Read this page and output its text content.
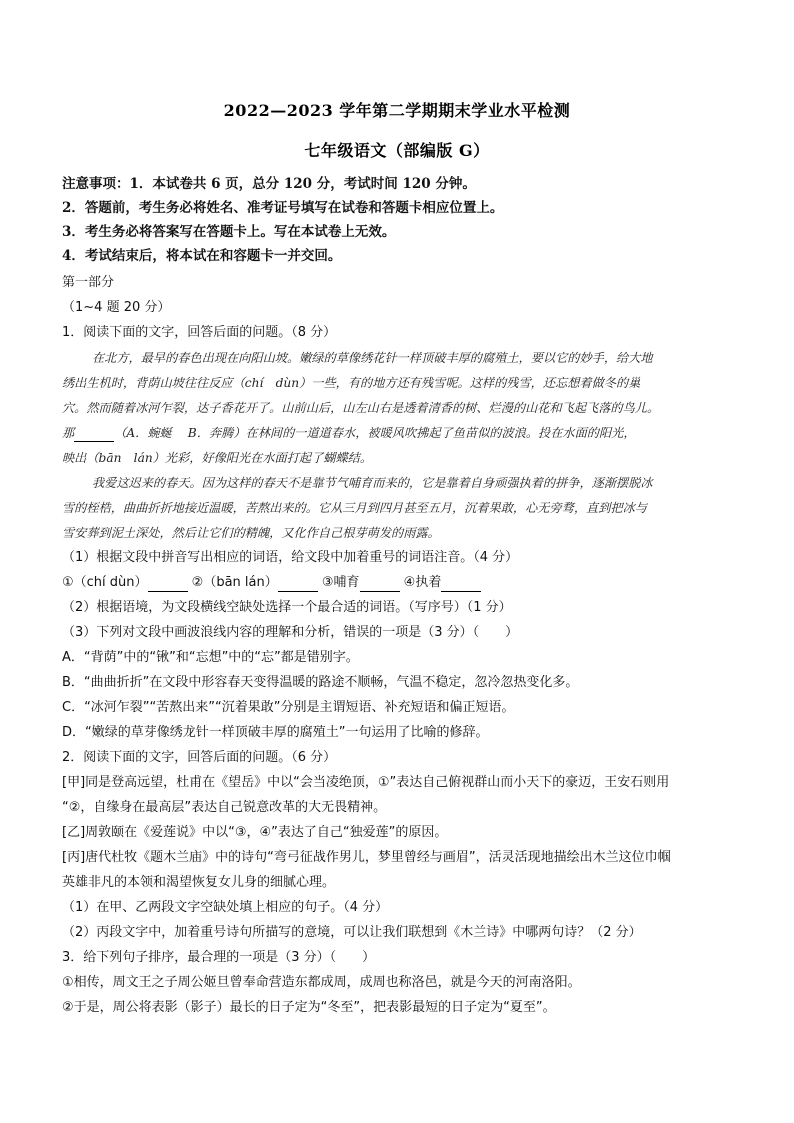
2022—2023 学年第二学期期末学业水平检测
七年级语文（部编版 G）
注意事项：1．本试卷共 6 页，总分 120 分，考试时间 120 分钟。
2．答题前，考生务必将姓名、准考证号填写在试卷和答题卡相应位置上。
3．考生务必将答案写在答题卡上。写在本试卷上无效。
4．考试结束后，将本试在和容题卡一并交回。
第一部分
（1~4 题 20 分）
1．阅读下面的文字，回答后面的问题。（8 分）
在北方，最早的春色出现在向阳山坡。嫩绿的草像绣花针一样顶破丰厚的腐殖土，要以它的妙手，给大地
绣出生机时，背荫山坡往往反应（chí　dùn）一些，有的地方还有残雪呢。这样的残雪，还忘想着做冬的巢
穴。然而随着冰河乍裂，达子香花开了。山前山后，山左山右是透着清香的树、烂漫的山花和飞起飞落的鸟儿。
那	（A．蜿蜒　 B．奔腾）在林间的一道道春水，被暖风吹拂起了鱼苗似的波浪。投在水面的阳光，
映出（bān　lán）光彩，好像阳光在水面打起了蝴蝶结。
我爱这迟来的春天。因为这样的春天不是靠节气哺育而来的，它是靠着自身顽强执着的拼争，逐渐摆脱冰
雪的桎梏，曲曲折折地接近温暖，苦熬出来的。它从三月到四月甚至五月，沉着果敢，心无旁骛，直到把冰与
雪安葬到泥土深处，然后让它们的精魄，又化作自己根芽萌发的雨露。
（1）根据文段中拼音写出相应的词语，给文段中加着重号的词语注音。（4 分）
①（chí dùn）	②（bān lán）	③哺育	④执着
（2）根据语境，为文段横线空缺处选择一个最合适的词语。（写序号）（1 分）
（3）下列对文段中画波浪线内容的理解和分析，错误的一项是（3 分）（　　）
A．“背荫”中的“锹”和“忘想”中的“忘”都是错别字。
B．“曲曲折折”在文段中形容春天变得温暖的路途不顺畅，气温不稳定，忽冷忽热变化多。
C．“冰河乍裂”“苦熬出来”“沉着果敢”分别是主谓短语、补充短语和偏正短语。
D．“嫩绿的草芽像绣龙针一样顶破丰厚的腐殖土”一句运用了比喻的修辞。
2．阅读下面的文字，回答后面的问题。（6 分）
[甲]同是登高远望，杜甫在《望岳》中以“会当凌绝顶，①”表达自己俯视群山而小天下的豪迈，王安石则用
“②，自缘身在最高层”表达自己锐意改革的大无畏精神。
[乙]周敦颐在《爱莲说》中以“③，④”表达了自己“独爱莲”的原因。
[丙]唐代杜牧《题木兰庙》中的诗句“弯弓征战作男儿，梦里曾经与画眉”，活灵活现地描绘出木兰这位巾帼
英雄非凡的本领和渴望恢复女儿身的细腻心理。
（1）在甲、乙两段文字空缺处填上相应的句子。（4 分）
（2）丙段文字中，加着重号诗句所描写的意境，可以让我们联想到《木兰诗》中哪两句诗？（2 分）
3．给下列句子排序，最合理的一项是（3 分）（　　）
①相传，周文王之子周公姬旦曾奉命营造东都成周，成周也称洛邑，就是今天的河南洛阳。
②于是，周公将表影（影子）最长的日子定为“冬至”，把表影最短的日子定为“夏至”。
